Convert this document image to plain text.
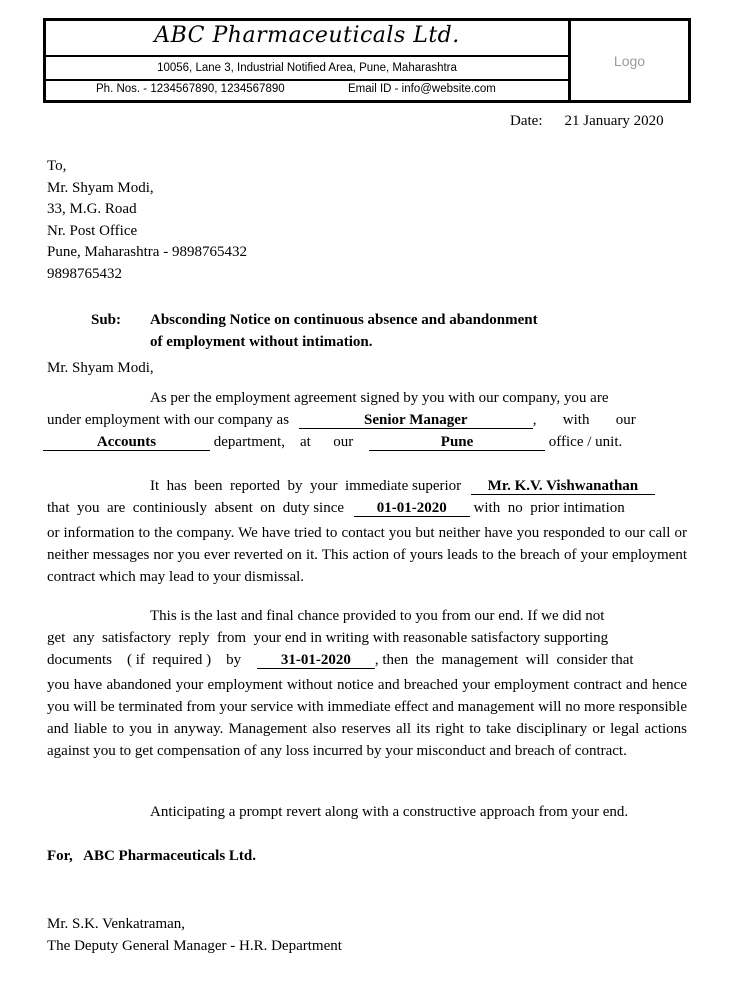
ABC Pharmaceuticals Ltd.
10056, Lane 3, Industrial Notified Area, Pune, Maharashtra
Ph. Nos. - 1234567890, 1234567890	Email ID - info@website.com
Logo
Date: 21 January 2020
To,
Mr. Shyam Modi,
33, M.G. Road
Nr. Post Office
Pune, Maharashtra - 9898765432
9898765432
Sub: Absconding Notice on continuous absence and abandonment
of employment without intimation.
Mr. Shyam Modi,
As per the employment agreement signed by you with our company, you are
under employment with our company as	Senior Manager	,       with       our
Accounts	department,    at      our	Pune	office / unit.
It  has  been  reported  by  your  immediate superior Mr. K.V. Vishwanathan
that  you  are  continiously  absent  on  duty since 01-01-2020 with  no  prior intimation
or information to the company. We have tried to contact you but neither have you responded to our call or neither messages nor you ever reverted on it. This action of yours leads to the breach of your employment contract which may lead to your dismissal.
This is the last and final chance provided to you from our end. If we did not
get  any  satisfactory  reply  from  your end in writing with reasonable satisfactory supporting
documents    ( if  required )    by	31-01-2020 , then  the  management  will  consider that
you have abandoned your employment without notice and breached your employment contract and hence you will be terminated from your service with immediate effect and management will no more responsible and liable to you in anyway. Management also reserves all its right to take disciplinary or legal actions against you to get compensation of any loss incurred by your misconduct and breach of contract.
Anticipating a prompt revert along with a constructive approach from your end.
For,   ABC Pharmaceuticals Ltd.
Mr. S.K. Venkatraman,
The Deputy General Manager - H.R. Department
